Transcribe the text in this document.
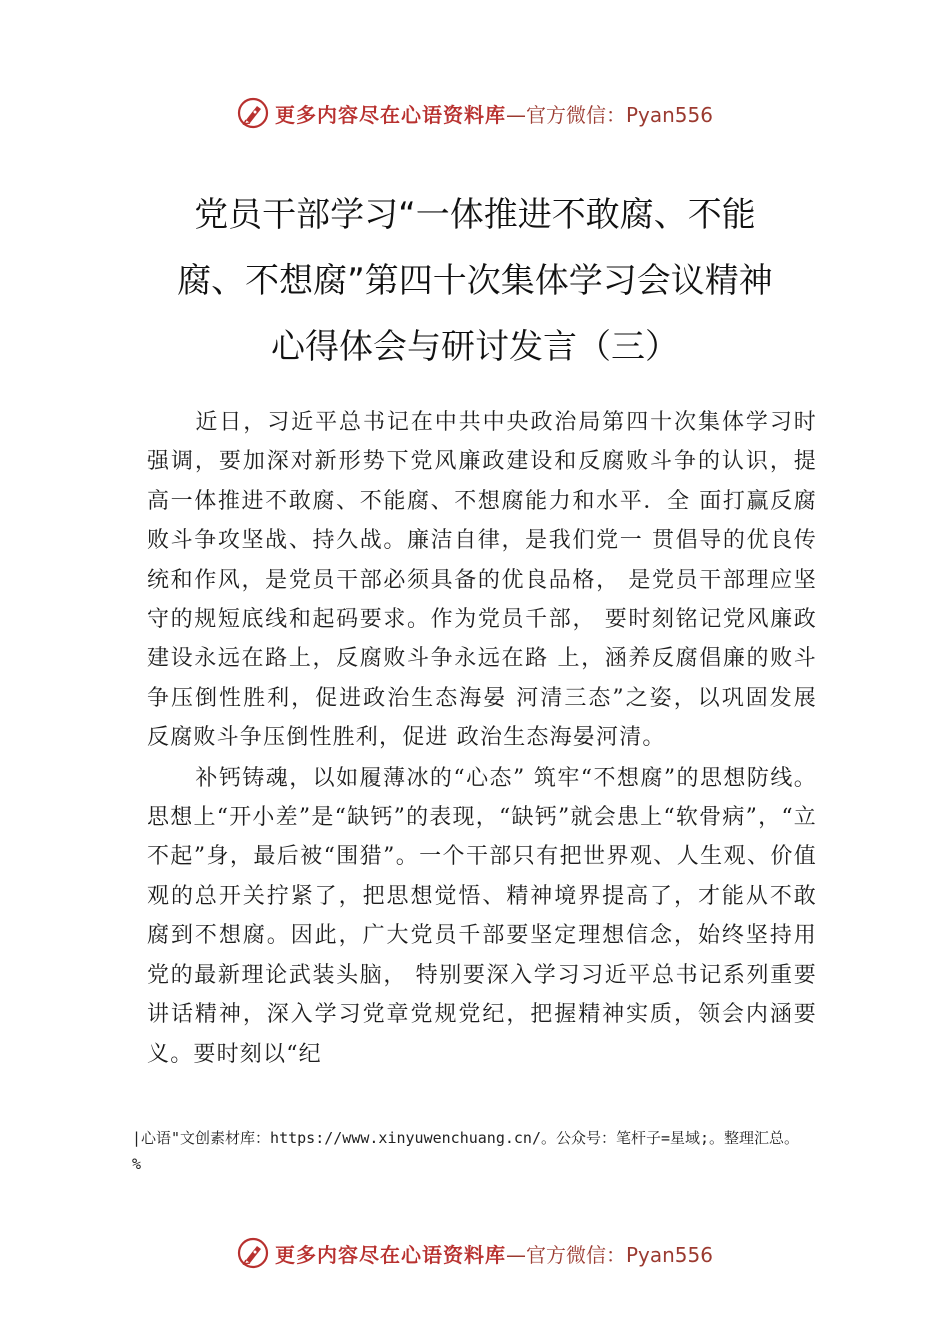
更多内容尽在心语资料库 —官方微信：Pyan556
党员干部学习“一体推进不敢腐、不能
腐、不想腐”第四十次集体学习会议精神
心得体会与研讨发言（三）

近日，习近平总书记在中共中央政治局第四十次集体学习时强调，要加深对新形势下党风廉政建设和反腐败斗争的认识，提高一体推进不敢腐、不能腐、不想腐能力和水平．全 面打赢反腐败斗争攻坚战、持久战。廉洁自律，是我们党一 贯倡导的优良传统和作风，是党员干部必须具备的优良品格， 是党员干部理应坚守的规短底线和起码要求。作为党员千部， 要时刻铭记党风廉政建设永远在路上，反腐败斗争永远在路 上，涵养反腐倡廉的败斗争压倒性胜利，促进政治生态海晏 河清三态”之姿，以巩固发展反腐败斗争压倒性胜利，促进 政治生态海晏河清。

补钙铸魂，以如履薄冰的“心态” 筑牢“不想腐”的思想防线。思想上“开小差”是“缺钙”的表现，“缺钙”就会患上“软骨病”，“立不起”身，最后被“围猎”。一个干部只有把世界观、人生观、价值观的总开关拧紧了，把思想觉悟、精神境界提高了，才能从不敢腐到不想腐。因此，广大党员千部要坚定理想信念，始终坚持用党的最新理论武装头脑， 特别要深入学习习近平总书记系列重要讲话精神，深入学习党章党规党纪，把握精神实质，领会内涵要义。要时刻以“纪

|心语"文创素材库：https://www.xinyuwenchuang.cn/。公众号：笔杆子=星域;。整理汇总。
%
更多内容尽在心语资料库 —官方微信：Pyan556
